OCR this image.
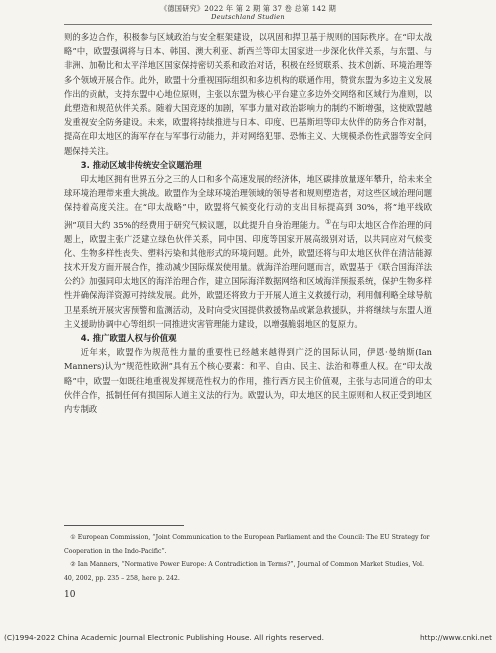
《德国研究》2022 年 第 2 期 第 37 卷 总第 142 期
Deutschland Studien

则的多边合作，积极参与区域政治与安全框架建设，以巩固和捍卫基于规则的国际秩序。在“印太战略”中，欧盟强调将与日本、韩国、澳大利亚、新西兰等印太国家进一步深化伙伴关系，与东盟、与非洲、加勒比和太平洋地区国家保持密切关系和政治对话，积极在经贸联系、技术创新、环境治理等多个领域开展合作。此外，欧盟十分重视国际组织和多边机构的联通作用，赞赏东盟为多边主义发展作出的贡献，支持东盟中心地位原则，主张以东盟为核心平台建立多边外交网络和区域行为准则，以此塑造和规范伙伴关系。随着大国竞逐的加剧，军事力量对政治影响力的制约不断增强，这使欧盟越发重视安全防务建设。未来，欧盟将持续推进与日本、印度、巴基斯坦等印太伙伴的防务合作对制，提高在印太地区的海军存在与军事行动能力，并对网络犯罪、恐怖主义、大规模杀伤性武器等安全问题保持关注。

3. 推动区域非传统安全议题治理

印太地区拥有世界五分之三的人口和多个高速发展的经济体，地区碳排放量逐年攀升，给未来全球环境治理带来重大挑战。欧盟作为全球环境治理领域的领导者和规则塑造者，对这些区域治理问题保持着高度关注。在“印太战略”中，欧盟将气候变化行动的支出目标提高到 30%，将“地平线欧洲”项目大约 35%的经费用于研究气候议题，以此提升自身治理能力。①在与印太地区合作治理的问题上，欧盟主张广泛建立绿色伙伴关系，同中国、印度等国家开展高级别对话，以共同应对气候变化、生物多样性丧失、塑料污染和其他形式的环境问题。此外，欧盟还将与印太地区伙伴在清洁能源技术开发方面开展合作，推动减少国际煤炭使用量。就海洋治理问题而言，欧盟基于《联合国海洋法公约》加强同印太地区的海洋治理合作，建立国际海洋数据网络和区域海洋预报系统，保护生物多样性并确保海洋资源可持续发展。此外，欧盟还将致力于开展人道主义救援行动，利用伽利略全球导航卫星系统开展灾害预警和监测活动，及时向受灾国提供救援物品或紧急救援队，并将继续与东盟人道主义援助协调中心等组织一同推进灾害管理能力建设，以增强脆弱地区的复原力。

4. 推广欧盟人权与价值观

近年来，欧盟作为规范性力量的重要性已经越来越得到广泛的国际认同，伊恩·曼纳斯(Ian Manners)认为“规范性欧洲”具有五个核心要素：和平、自由、民主、法治和尊重人权。在“印太战略”中，欧盟一如既往地重视发挥规范性权力的作用，推行西方民主价值观，主张与志同道合的印太伙伴合作，抵制任何有损国际人道主义法的行为。欧盟认为，印太地区的民主原则和人权正受到地区内专制政

① European Commission, “Joint Communication to the European Parliament and the Council: The EU Strategy for Cooperation in the Indo-Pacific”.

② Ian Manners, “Normative Power Europe: A Contradiction in Terms?”, Journal of Common Market Studies, Vol. 40, 2002, pp. 235 – 258, here p. 242.

10
(C)1994-2022 China Academic Journal Electronic Publishing House. All rights reserved.	http://www.cnki.net
